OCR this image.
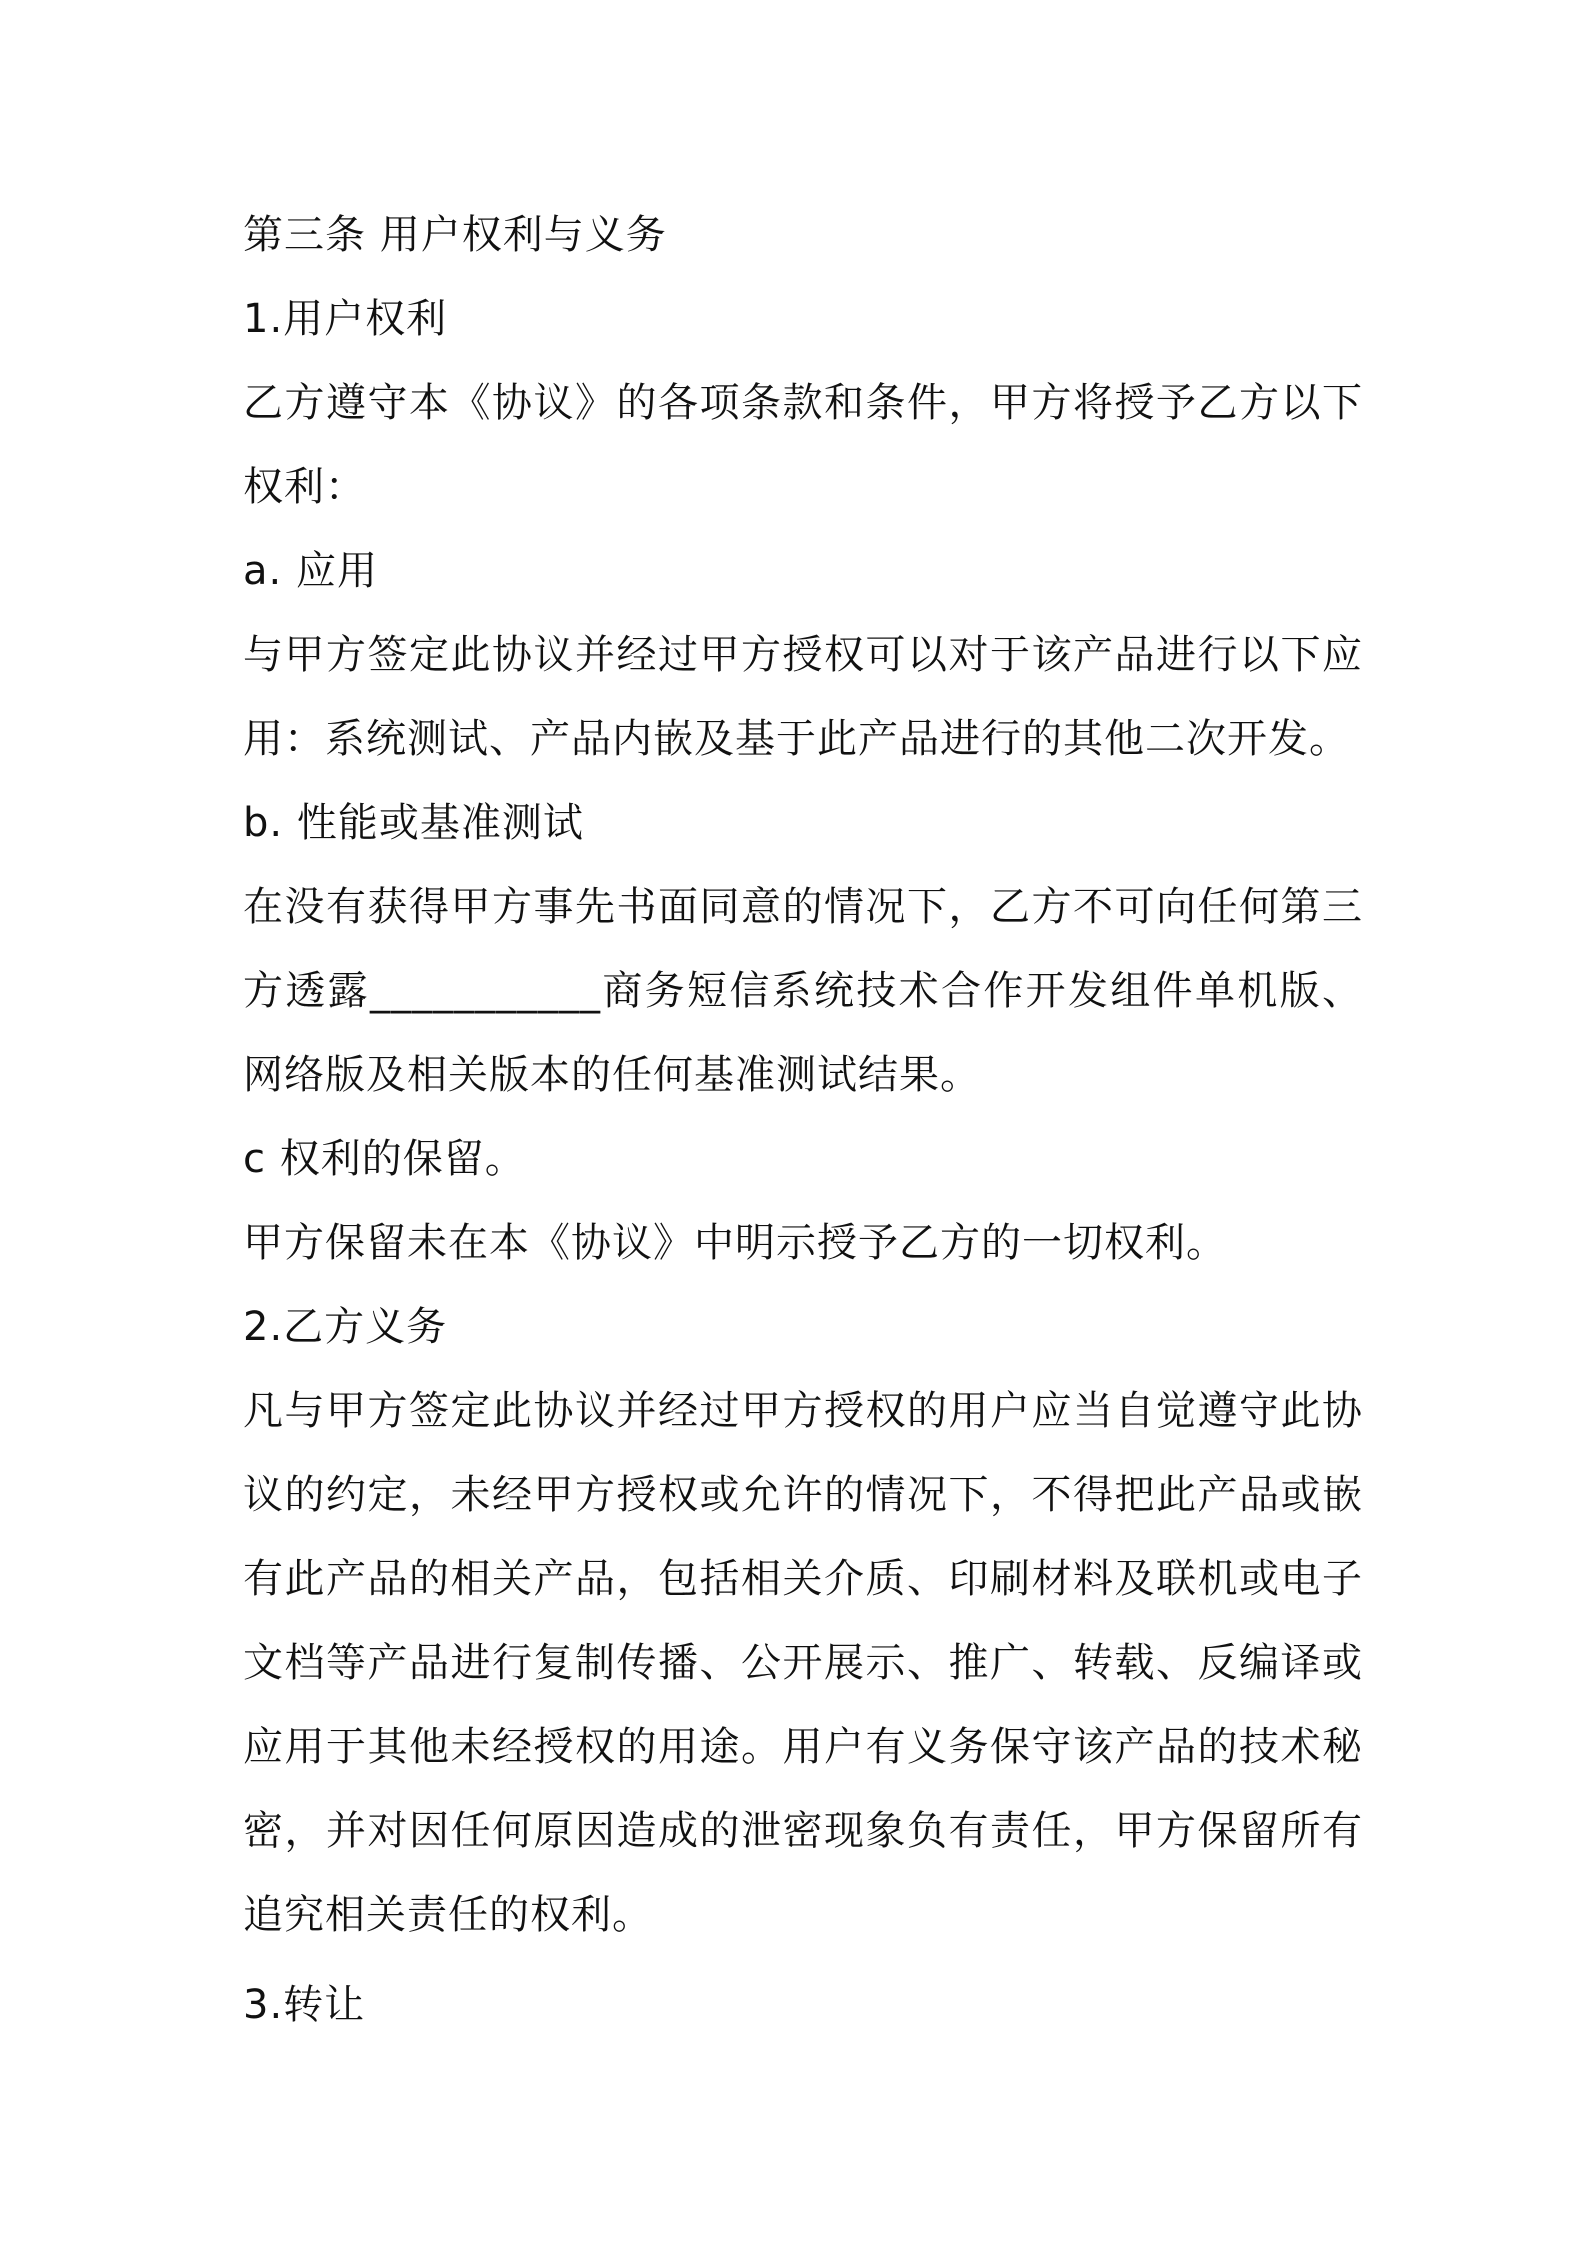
第三条 用户权利与义务

1.用户权利

乙方遵守本《协议》的各项条款和条件，甲方将授予乙方以下权利：

a. 应用

与甲方签定此协议并经过甲方授权可以对于该产品进行以下应用：系统测试、产品内嵌及基于此产品进行的其他二次开发。

b. 性能或基准测试

在没有获得甲方事先书面同意的情况下，乙方不可向任何第三方透露___________商务短信系统技术合作开发组件单机版、网络版及相关版本的任何基准测试结果。

c 权利的保留。

甲方保留未在本《协议》中明示授予乙方的一切权利。

2.乙方义务

凡与甲方签定此协议并经过甲方授权的用户应当自觉遵守此协议的约定，未经甲方授权或允许的情况下，不得把此产品或嵌有此产品的相关产品，包括相关介质、印刷材料及联机或电子文档等产品进行复制传播、公开展示、推广、转载、反编译或应用于其他未经授权的用途。用户有义务保守该产品的技术秘密，并对因任何原因造成的泄密现象负有责任，甲方保留所有追究相关责任的权利。

3.转让
